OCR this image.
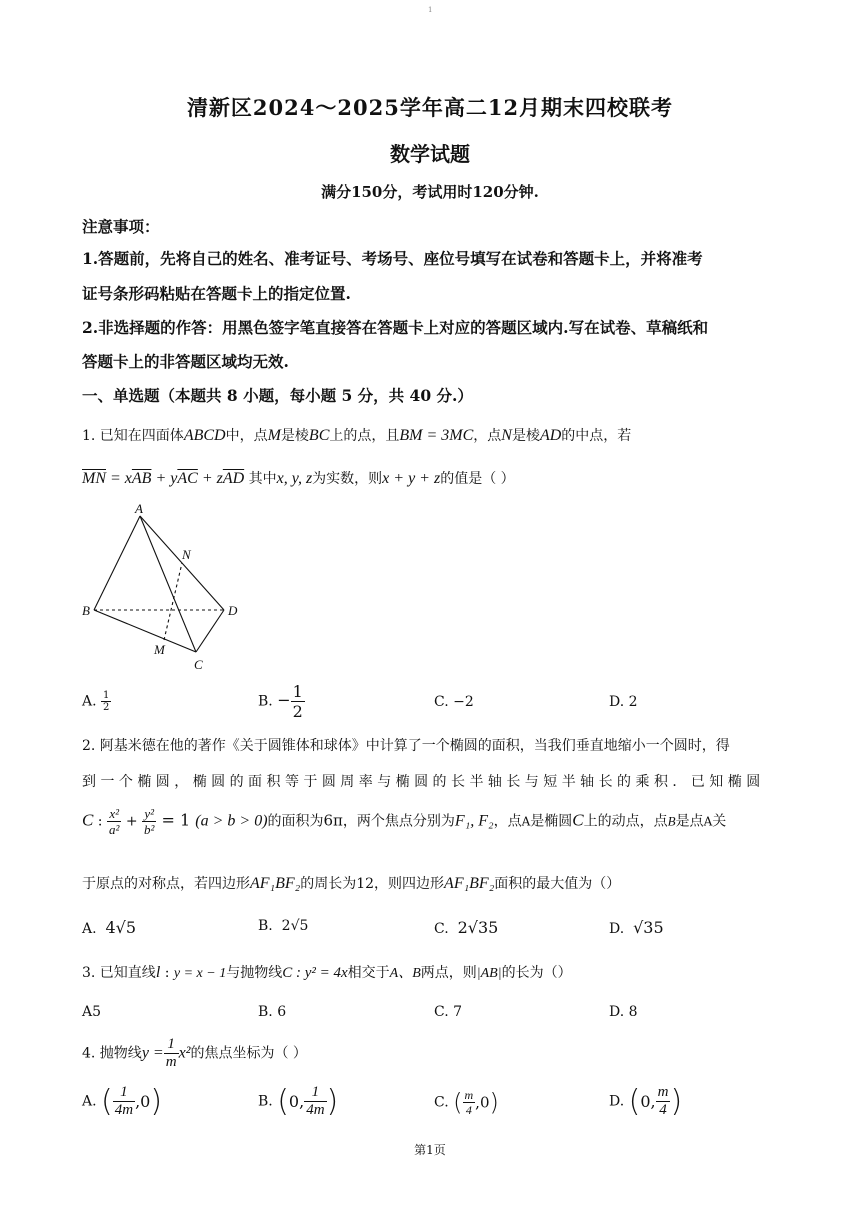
1
清新区2024～2025学年高二12月期末四校联考
数学试题
满分150分，考试用时120分钟.
注意事项：
1.答题前，先将自己的姓名、准考证号、考场号、座位号填写在试卷和答题卡上，并将准考
证号条形码粘贴在答题卡上的指定位置.
2.非选择题的作答：用黑色签字笔直接答在答题卡上对应的答题区域内.写在试卷、草稿纸和
答题卡上的非答题区域均无效.
一、单选题（本题共 8 小题，每小题 5 分，共 40 分.）
1. 已知在四面体ABCD中，点M是棱BC上的点，且BM = 3MC，点N是棱AD的中点，若
$\overline{MN} = x\overline{AB} + y\overline{AC} + z\overline{AD}$ 其中x, y, z为实数，则x + y + z的值是（ ）
A
B
C
D
M
N
A. $\frac{1}{2}$	B. − $\frac{1}{2}$	C. −2	D. 2
2. 阿基米德在他的著作《关于圆锥体和球体》中计算了一个椭圆的面积，当我们垂直地缩小一个圆时，得
到 一 个 椭 圆 ， 椭 圆 的 面 积 等 于 圆 周 率 与 椭 圆 的 长 半 轴 长 与 短 半 轴 长 的 乘 积 ． 已 知 椭 圆
C : $\frac{\text{x²}}{\text{a²}} + \frac{\text{y²}}{\text{b²}} = 1$ (a > b > 0)的面积为6π，两个焦点分别为F₁, F₂，点A是椭圆C上的动点，点B是点A关
于原点的对称点，若四边形AF₁BF₂的周长为12，则四边形AF₁BF₂面积的最大值为（）
A. 4√5	B. 2√5	C. 2√35	D. √35
3. 已知直线l : y = x − 1与抛物线C : y² = 4x相交于A、B两点，则|AB|的长为（）
A5	B. 6	C. 7	D. 8
4. 抛物线$y = \frac{1}{m} x^2$的焦点坐标为（ ）
A. ( $\frac{1}{4m} ,0$)	B. (0, $\frac{1}{4m}$ )	C. ( $\frac{m}{4} ,0$)	D. (0, $\frac{m}{4}$ )
第1页
